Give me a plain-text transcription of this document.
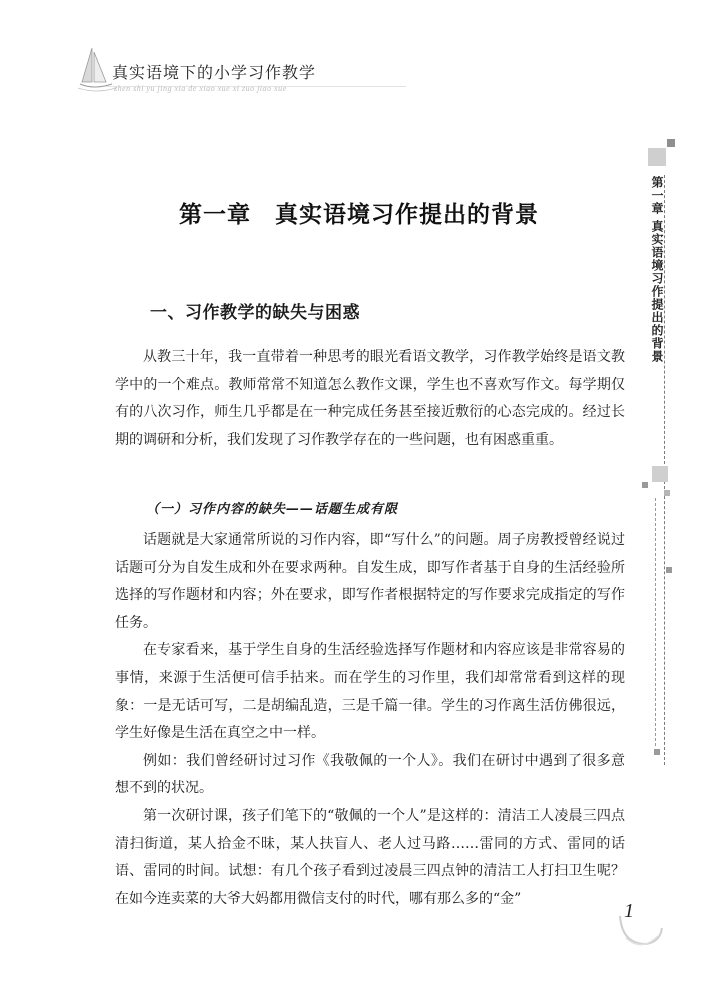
真实语境下的小学习作教学
zhen shi yu jing xia de xiao xue xi zuo jiao xue
第一章　真实语境习作提出的背景
一、习作教学的缺失与困惑

从教三十年，我一直带着一种思考的眼光看语文教学，习作教学始终是语文教学中的一个难点。教师常常不知道怎么教作文课，学生也不喜欢写作文。每学期仅有的八次习作，师生几乎都是在一种完成任务甚至接近敷衍的心态完成的。经过长期的调研和分析，我们发现了习作教学存在的一些问题，也有困惑重重。

（一）习作内容的缺失——话题生成有限

话题就是大家通常所说的习作内容，即“写什么”的问题。周子房教授曾经说过话题可分为自发生成和外在要求两种。自发生成，即写作者基于自身的生活经验所选择的写作题材和内容；外在要求，即写作者根据特定的写作要求完成指定的写作任务。

在专家看来，基于学生自身的生活经验选择写作题材和内容应该是非常容易的事情，来源于生活便可信手拈来。而在学生的习作里，我们却常常看到这样的现象：一是无话可写，二是胡编乱造，三是千篇一律。学生的习作离生活仿佛很远，学生好像是生活在真空之中一样。

例如：我们曾经研讨过习作《我敬佩的一个人》。我们在研讨中遇到了很多意想不到的状况。

第一次研讨课，孩子们笔下的“敬佩的一个人”是这样的：清洁工人凌晨三四点清扫街道，某人拾金不昧，某人扶盲人、老人过马路……雷同的方式、雷同的话语、雷同的时间。试想：有几个孩子看到过凌晨三四点钟的清洁工人打扫卫生呢？在如今连卖菜的大爷大妈都用微信支付的时代，哪有那么多的“金”

第一章 真实语境习作提出的背景
1
